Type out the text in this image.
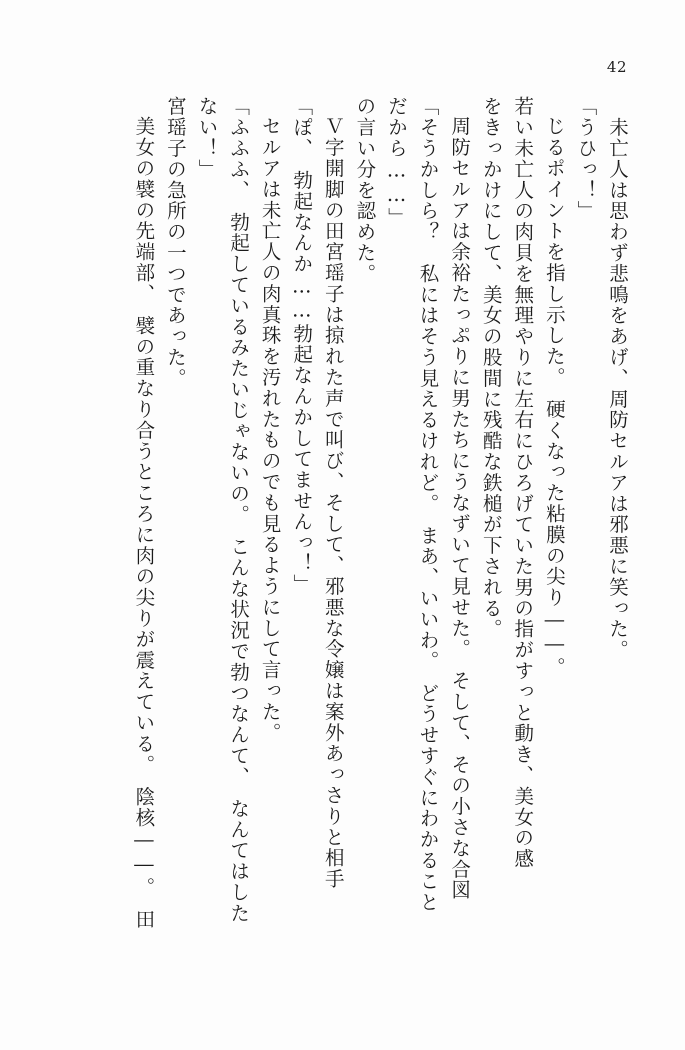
42
　未亡人は思わず悲鳴をあげ、周防セルアは邪悪に笑った。
「うひっ！」
じるポイントを指し示した。　硬くなった粘膜の尖り――。
若い未亡人の肉貝を無理やりに左右にひろげていた男の指がすっと動き、美女の感
をきっかけにして、美女の股間に残酷な鉄槌が下される。
周防セルアは余裕たっぷりに男たちにうなずいて見せた。　そして、その小さな合図
「そうかしら？　私にはそう見えるけれど。　まあ、いいわ。　どうせすぐにわかること
だから……」
の言い分を認めた。
Ｖ字開脚の田宮瑶子は掠れた声で叫び、そして、邪悪な令嬢は案外あっさりと相手
「ぽ、　勃起なんか……勃起なんかしてませんっ！」
セルアは未亡人の肉真珠を汚れたものでも見るようにして言った。
「ふふふ、　勃起しているみたいじゃないの。　こんな状況で勃つなんて、　なんてはした
ない！」
宮瑶子の急所の一つであった。
美女の襞の先端部、　襞の重なり合うところに肉の尖りが震えている。　陰核――。　田
